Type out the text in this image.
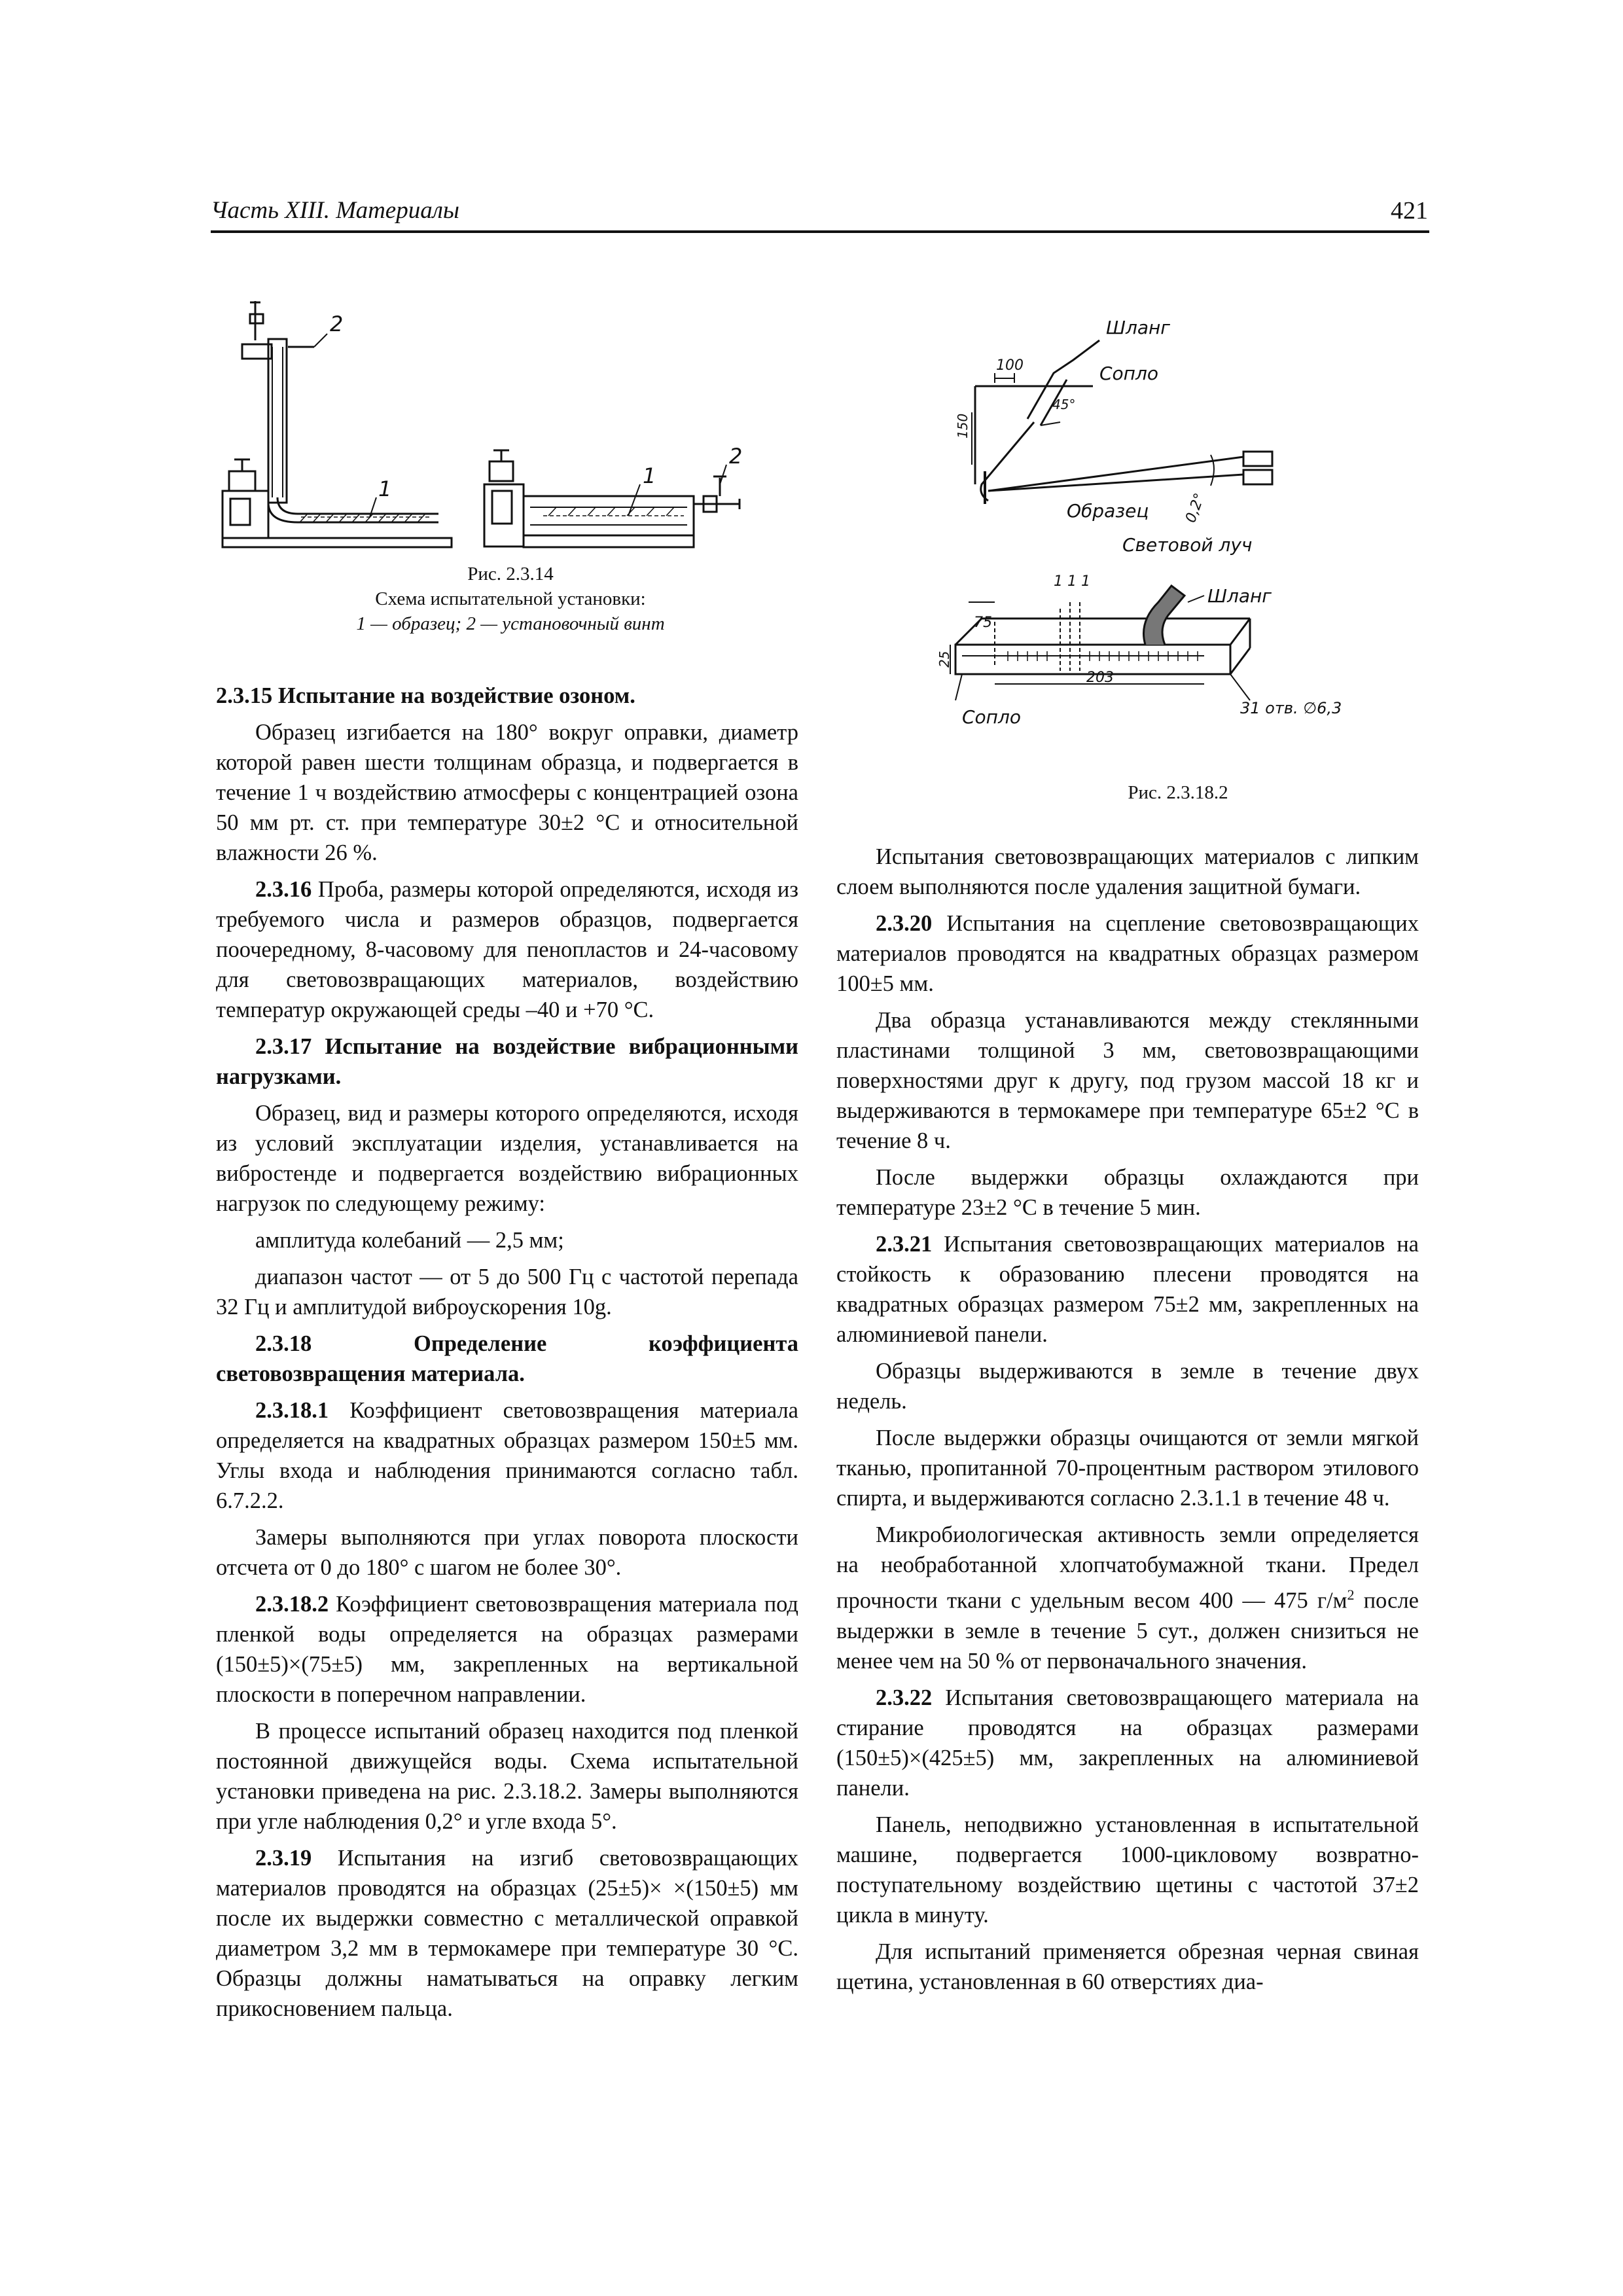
Часть XIII. Материалы	421
2
1
1
2

Рис. 2.3.14

Схема испытательной установки:

1 — образец; 2 — установочный винт

Шланг
Сопло
100
45°
150
Образец 0,2°
Световой луч
1 1 1
Шланг
75
25
203
31 отв. ∅6,3
Сопло

Рис. 2.3.18.2

2.3.15 Испытание на воздействие озоном.

Образец изгибается на 180° вокруг оправки, диаметр которой равен шести толщинам образца, и подвергается в течение 1 ч воздействию атмосферы с концентрацией озона 50 мм рт. ст. при температуре 30±2 °С и относительной влажности 26 %.

2.3.16 Проба, размеры которой определяются, исходя из требуемого числа и размеров образцов, подвергается поочередному, 8-часовому для пенопластов и 24-часовому для световозвращающих материалов, воздействию температур окружающей среды –40 и +70 °С.

2.3.17 Испытание на воздействие вибрационными нагрузками.

Образец, вид и размеры которого определяются, исходя из условий эксплуатации изделия, устанавливается на вибростенде и подвергается воздействию вибрационных нагрузок по следующему режиму:

амплитуда колебаний — 2,5 мм;

диапазон частот — от 5 до 500 Гц с частотой перепада 32 Гц и амплитудой виброускорения 10g.

2.3.18 Определение коэффициента световозвращения материала.

2.3.18.1 Коэффициент световозвращения материала определяется на квадратных образцах размером 150±5 мм. Углы входа и наблюдения принимаются согласно табл. 6.7.2.2.

Замеры выполняются при углах поворота плоскости отсчета от 0 до 180° с шагом не более 30°.

2.3.18.2 Коэффициент световозвращения материала под пленкой воды определяется на образцах размерами (150±5)×(75±5) мм, закрепленных на вертикальной плоскости в поперечном направлении.

В процессе испытаний образец находится под пленкой постоянной движущейся воды. Схема испытательной установки приведена на рис. 2.3.18.2. Замеры выполняются при угле наблюдения 0,2° и угле входа 5°.

2.3.19 Испытания на изгиб световозвращающих материалов проводятся на образцах (25±5)× ×(150±5) мм после их выдержки совместно с металлической оправкой диаметром 3,2 мм в термокамере при температуре 30 °С. Образцы должны наматываться на оправку легким прикосновением пальца.

Испытания световозвращающих материалов с липким слоем выполняются после удаления защитной бумаги.

2.3.20 Испытания на сцепление световозвращающих материалов проводятся на квадратных образцах размером 100±5 мм.

Два образца устанавливаются между стеклянными пластинами толщиной 3 мм, световозвращающими поверхностями друг к другу, под грузом массой 18 кг и выдерживаются в термокамере при температуре 65±2 °С в течение 8 ч.

После выдержки образцы охлаждаются при температуре 23±2 °С в течение 5 мин.

2.3.21 Испытания световозвращающих материалов на стойкость к образованию плесени проводятся на квадратных образцах размером 75±2 мм, закрепленных на алюминиевой панели.

Образцы выдерживаются в земле в течение двух недель.

После выдержки образцы очищаются от земли мягкой тканью, пропитанной 70-процентным раствором этилового спирта, и выдерживаются согласно 2.3.1.1 в течение 48 ч.

Микробиологическая активность земли определяется на необработанной хлопчатобумажной ткани. Предел прочности ткани с удельным весом 400 — 475 $г/м^2$ после выдержки в земле в течение 5 сут., должен снизиться не менее чем на 50 % от первоначального значения.

2.3.22 Испытания световозвращающего материала на стирание проводятся на образцах размерами (150±5)×(425±5) мм, закрепленных на алюминиевой панели.

Панель, неподвижно установленная в испытательной машине, подвергается 1000-цикловому возвратно-поступательному воздействию щетины с частотой 37±2 цикла в минуту.

Для испытаний применяется обрезная черная свиная щетина, установленная в 60 отверстиях диа-
